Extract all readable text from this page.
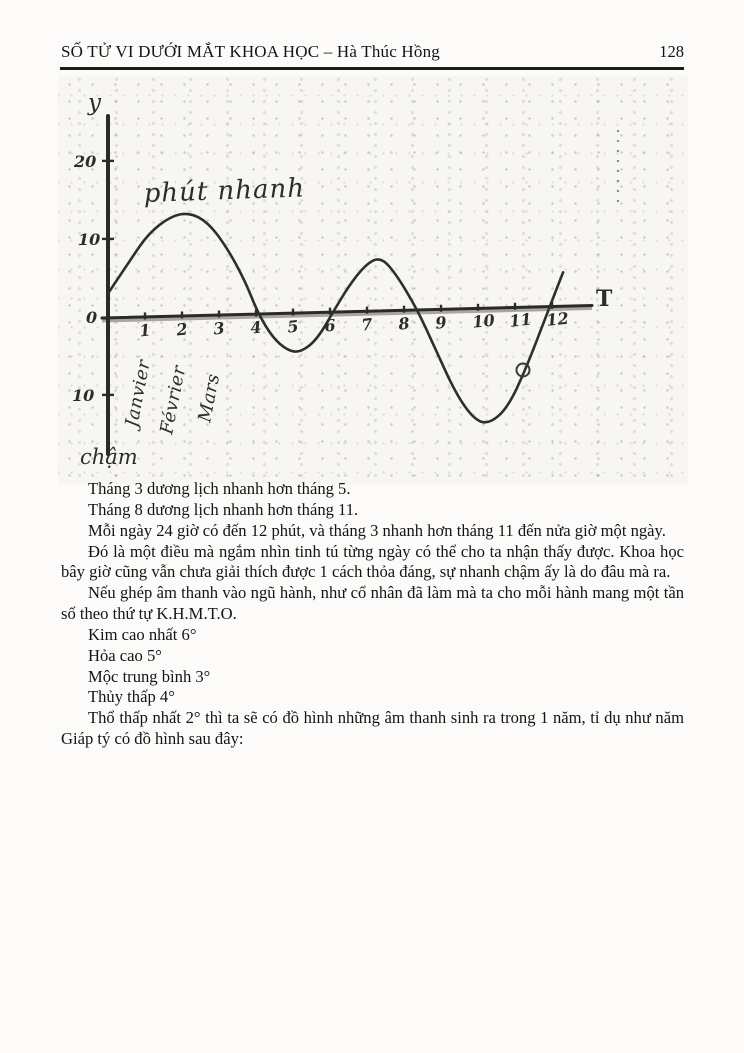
SỐ TỬ VI DƯỚI MẮT KHOA HỌC – Hà Thúc Hồng	128
y
T
phút nhanh
chậm
1 2 3 4 5 6 7 8 9 10 11 12
20
10
0
10 Janvier Février Mars

Tháng 3 dương lịch nhanh hơn tháng 5.

Tháng 8 dương lịch nhanh hơn tháng 11.

Mỗi ngày 24 giờ có đến 12 phút, và tháng 3 nhanh hơn tháng 11 đến nửa giờ một ngày.

Đó là một điều mà ngắm nhìn tinh tú từng ngày có thể cho ta nhận thấy được. Khoa học bây giờ cũng vẫn chưa giải thích được 1 cách thỏa đáng, sự nhanh chậm ấy là do đâu mà ra.

Nếu ghép âm thanh vào ngũ hành, như cổ nhân đã làm mà ta cho mỗi hành mang một tần số theo thứ tự K.H.M.T.O.

Kim cao nhất 6°

Hỏa cao 5°

Mộc trung bình 3°

Thủy thấp 4°

Thổ thấp nhất 2° thì ta sẽ có đồ hình những âm thanh sinh ra trong 1 năm, tỉ dụ như năm Giáp tý có đồ hình sau đây:
